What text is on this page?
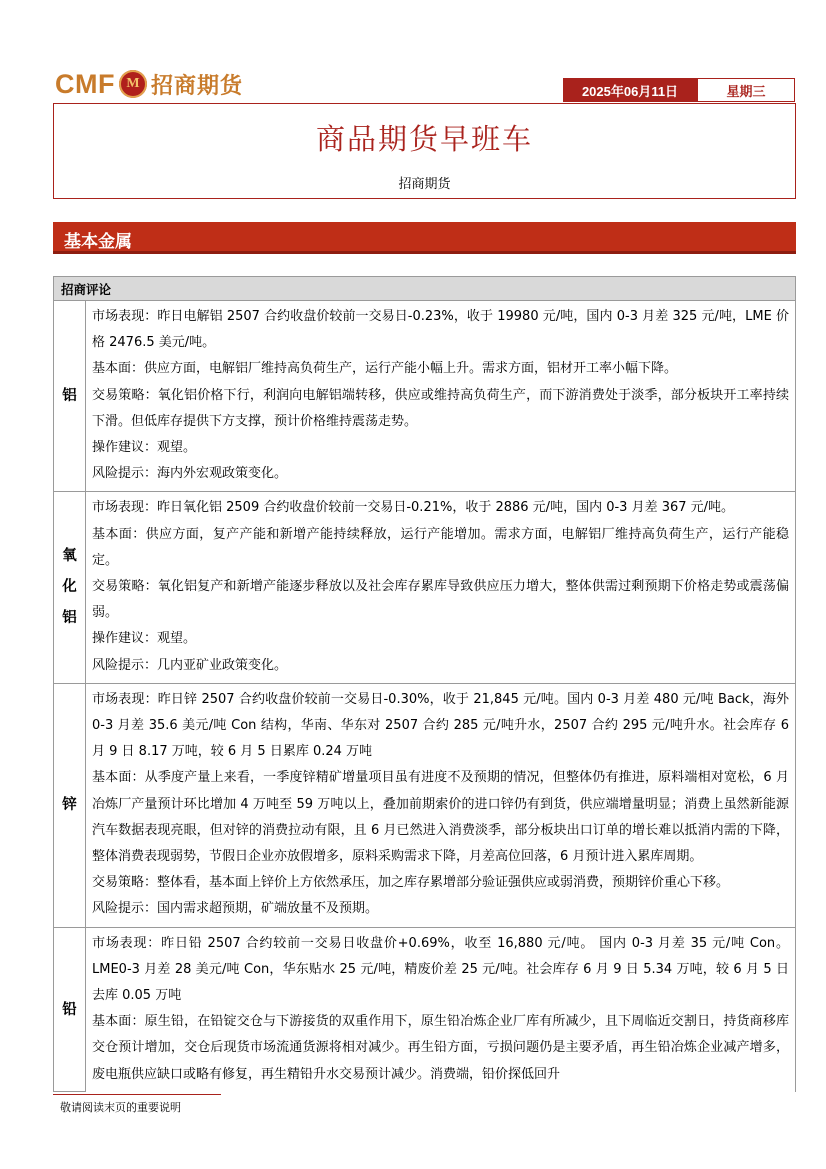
CMF M 招商期货	2025年06月11日	星期三
商品期货早班车
招商期货
基本金属
招商评论	
铝	市场表现：昨日电解铝 2507 合约收盘价较前一交易日-0.23%，收于 19980 元/吨，国内 0-3 月差 325 元/吨，LME 价格 2476.5 美元/吨。

基本面：供应方面，电解铝厂维持高负荷生产，运行产能小幅上升。需求方面，铝材开工率小幅下降。

交易策略：氧化铝价格下行，利润向电解铝端转移，供应或维持高负荷生产，而下游消费处于淡季，部分板块开工率持续下滑。但低库存提供下方支撑，预计价格维持震荡走势。

操作建议：观望。

风险提示：海内外宏观政策变化。

氧化铝	市场表现：昨日氧化铝 2509 合约收盘价较前一交易日-0.21%，收于 2886 元/吨，国内 0-3 月差 367 元/吨。

基本面：供应方面，复产产能和新增产能持续释放，运行产能增加。需求方面，电解铝厂维持高负荷生产，运行产能稳定。

交易策略：氧化铝复产和新增产能逐步释放以及社会库存累库导致供应压力增大，整体供需过剩预期下价格走势或震荡偏弱。

操作建议：观望。

风险提示：几内亚矿业政策变化。

锌	市场表现：昨日锌 2507 合约收盘价较前一交易日-0.30%，收于 21,845 元/吨。国内 0-3 月差 480 元/吨 Back，海外 0-3 月差 35.6 美元/吨 Con 结构，华南、华东对 2507 合约 285 元/吨升水，2507 合约 295 元/吨升水。社会库存 6 月 9 日 8.17 万吨，较 6 月 5 日累库 0.24 万吨

基本面：从季度产量上来看，一季度锌精矿增量项目虽有进度不及预期的情况，但整体仍有推进，原料端相对宽松，6 月冶炼厂产量预计环比增加 4 万吨至 59 万吨以上，叠加前期索价的进口锌仍有到货，供应端增量明显；消费上虽然新能源汽车数据表现亮眼，但对锌的消费拉动有限，且 6 月已然进入消费淡季，部分板块出口订单的增长难以抵消内需的下降，整体消费表现弱势，节假日企业亦放假增多，原料采购需求下降，月差高位回落，6 月预计进入累库周期。

交易策略：整体看，基本面上锌价上方依然承压，加之库存累增部分验证强供应或弱消费，预期锌价重心下移。

风险提示：国内需求超预期，矿端放量不及预期。

铅	市场表现：昨日铅 2507 合约较前一交易日收盘价+0.69%，收至 16,880 元/吨。 国内 0-3 月差 35 元/吨 Con。LME0-3 月差 28 美元/吨 Con，华东贴水 25 元/吨，精废价差 25 元/吨。社会库存 6 月 9 日 5.34 万吨，较 6 月 5 日去库 0.05 万吨

基本面：原生铅，在铅锭交仓与下游接货的双重作用下，原生铅冶炼企业厂库有所减少，且下周临近交割日，持货商移库交仓预计增加，交仓后现货市场流通货源将相对减少。再生铅方面，亏损问题仍是主要矛盾，再生铅冶炼企业减产增多，废电瓶供应缺口或略有修复，再生精铅升水交易预计减少。消费端，铅价探低回升

敬请阅读末页的重要说明
